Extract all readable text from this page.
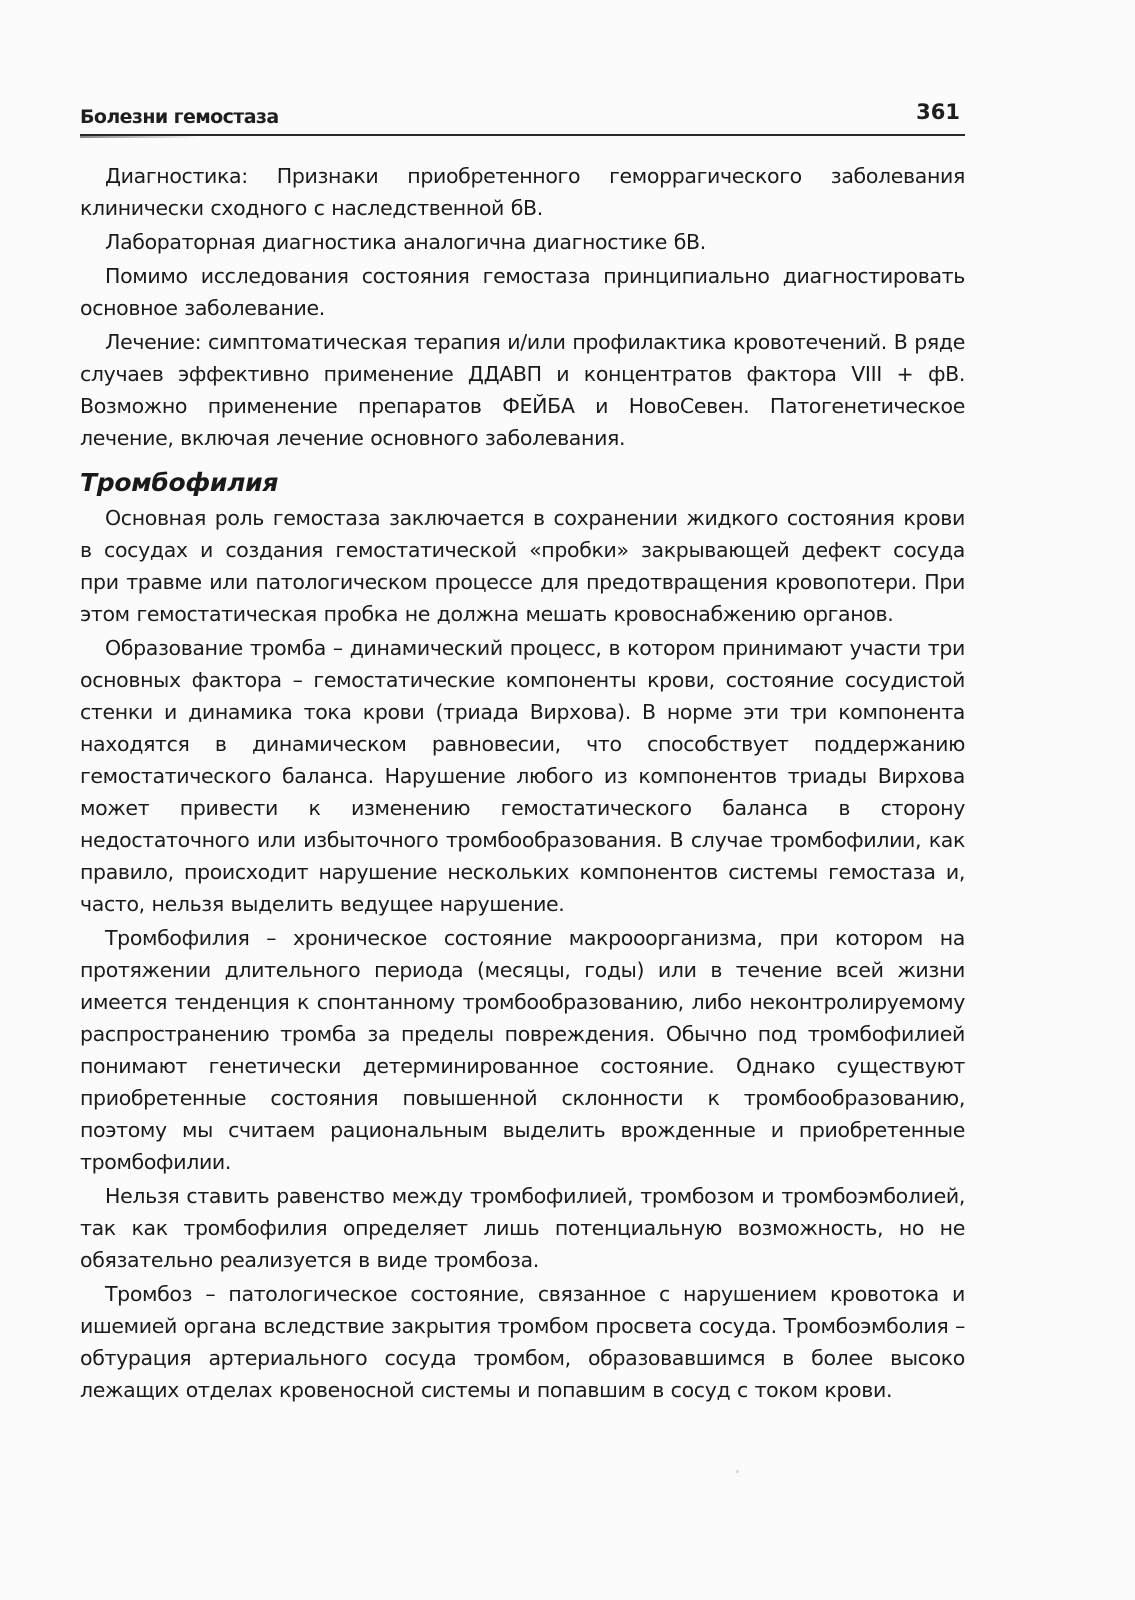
Болезни гемостаза	361

Диагностика: Признаки приобретенного геморрагического заболевания клинически сходного с наследственной бВ.

Лабораторная диагностика аналогична диагностике бВ.

Помимо исследования состояния гемостаза принципиально диагностировать основное заболевание.

Лечение: симптоматическая терапия и/или профилактика кровотечений. В ряде случаев эффективно применение ДДАВП и концентратов фактора VIII + фВ. Возможно применение препаратов ФЕЙБА и НовоСевен. Патогенетическое лечение, включая лечение основного заболевания.

Тромбофилия

Основная роль гемостаза заключается в сохранении жидкого состояния крови в сосудах и создания гемостатической «пробки» закрывающей дефект сосуда при травме или патологическом процессе для предотвращения кровопотери. При этом гемостатическая пробка не должна мешать кровоснабжению органов.

Образование тромба – динамический процесс, в котором принимают участи три основных фактора – гемостатические компоненты крови, состояние сосудистой стенки и динамика тока крови (триада Вирхова). В норме эти три компонента находятся в динамическом равновесии, что способствует поддержанию гемостатического баланса. Нарушение любого из компонентов триады Вирхова может привести к изменению гемостатического баланса в сторону недостаточного или избыточного тромбообразования. В случае тромбофилии, как правило, происходит нарушение нескольких компонентов системы гемостаза и, часто, нельзя выделить ведущее нарушение.

Тромбофилия – хроническое состояние макрооорганизма, при котором на протяжении длительного периода (месяцы, годы) или в течение всей жизни имеется тенденция к спонтанному тромбообразованию, либо неконтролируемому распространению тромба за пределы повреждения. Обычно под тромбофилией понимают генетически детерминированное состояние. Однако существуют приобретенные состояния повышенной склонности к тромбообразованию, поэтому мы считаем рациональным выделить врожденные и приобретенные тромбофилии.

Нельзя ставить равенство между тромбофилией, тромбозом и тромбоэмболией, так как тромбофилия определяет лишь потенциальную возможность, но не обязательно реализуется в виде тромбоза.

Тромбоз – патологическое состояние, связанное с нарушением кровотока и ишемией органа вследствие закрытия тромбом просвета сосуда. Тромбоэмболия – обтурация артериального сосуда тромбом, образовавшимся в более высоко лежащих отделах кровеносной системы и попавшим в сосуд с током крови.
